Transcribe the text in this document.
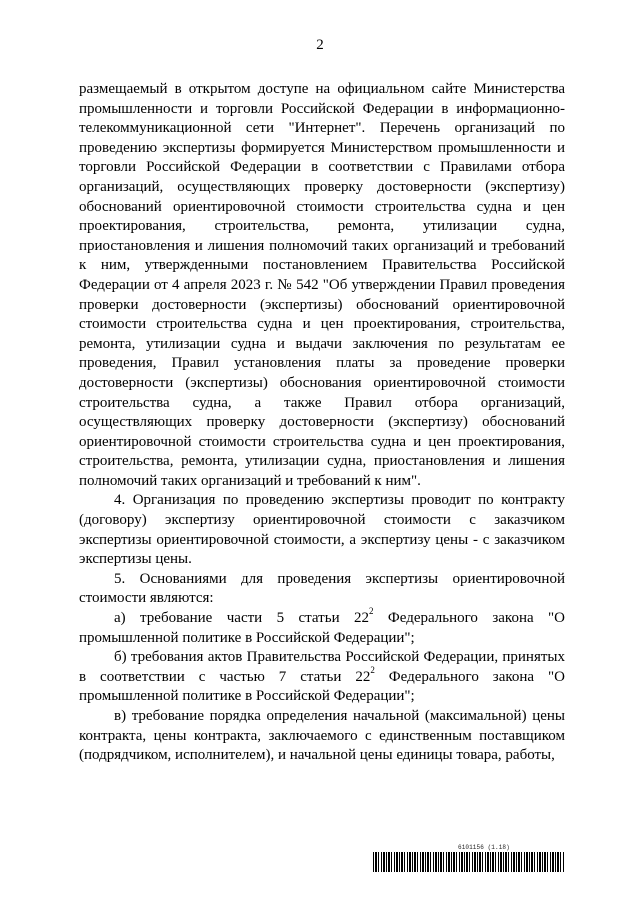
2

размещаемый в открытом доступе на официальном сайте Министерства промышленности и торговли Российской Федерации в информационно-телекоммуникационной сети "Интернет". Перечень организаций по проведению экспертизы формируется Министерством промышленности и торговли Российской Федерации в соответствии с Правилами отбора организаций, осуществляющих проверку достоверности (экспертизу) обоснований ориентировочной стоимости строительства судна и цен проектирования, строительства, ремонта, утилизации судна, приостановления и лишения полномочий таких организаций и требований к ним, утвержденными постановлением Правительства Российской Федерации от 4 апреля 2023 г. № 542 "Об утверждении Правил проведения проверки достоверности (экспертизы) обоснований ориентировочной стоимости строительства судна и цен проектирования, строительства, ремонта, утилизации судна и выдачи заключения по результатам ее проведения, Правил установления платы за проведение проверки достоверности (экспертизы) обоснования ориентировочной стоимости строительства судна, а также Правил отбора организаций, осуществляющих проверку достоверности (экспертизу) обоснований ориентировочной стоимости строительства судна и цен проектирования, строительства, ремонта, утилизации судна, приостановления и лишения полномочий таких организаций и требований к ним".

4. Организация по проведению экспертизы проводит по контракту (договору) экспертизу ориентировочной стоимости с заказчиком экспертизы ориентировочной стоимости, а экспертизу цены - с заказчиком экспертизы цены.

5. Основаниями для проведения экспертизы ориентировочной стоимости являются:

а) требование части 5 статьи $22^2$ Федерального закона "О промышленной политике в Российской Федерации";

б) требования актов Правительства Российской Федерации, принятых в соответствии с частью 7 статьи $22^2$ Федерального закона "О промышленной политике в Российской Федерации";

в) требование порядка определения начальной (максимальной) цены контракта, цены контракта, заключаемого с единственным поставщиком (подрядчиком, исполнителем), и начальной цены единицы товара, работы,

6101156 (1.18)
